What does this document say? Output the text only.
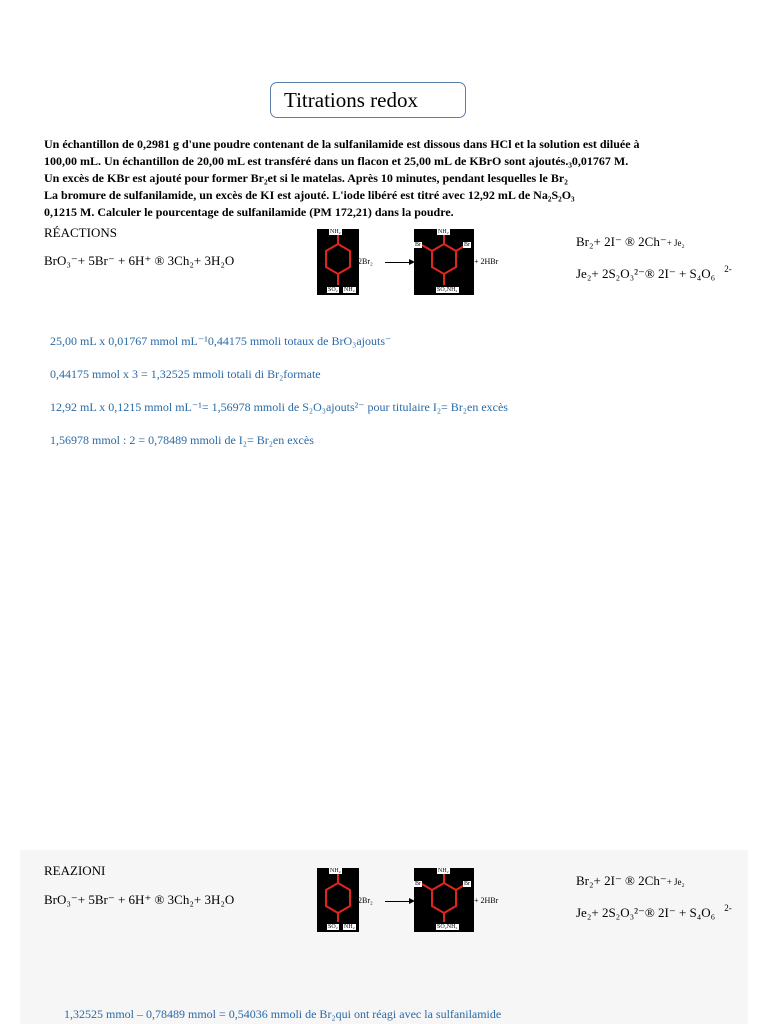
Titrations redox
Un échantillon de 0,2981 g d'une poudre contenant de la sulfanilamide est dissous dans HCl et la solution est diluée à
100,00 mL. Un échantillon de 20,00 mL est transféré dans un flacon et 25,00 mL de KBrO sont ajoutés.₃0,01767 M.
Un excès de KBr est ajouté pour former Br₂et si le matelas. Après 10 minutes, pendant lesquelles le Br₂
La bromure de sulfanilamide, un excès de KI est ajouté. L'iode libéré est titré avec 12,92 mL de Na₂S₂O₃
0,1215 M. Calculer le pourcentage de sulfanilamide (PM 172,21) dans la poudre.
RÉACTIONS
BrO₃⁻+ 5Br⁻ + 6H⁺ ® 3Ch₂+ 3H₂O
NH₂
SO₂ NH₂
2Br₂
NH₂
Br	Br
SO₂NH₂
+ 2HBr
Br₂+ 2I⁻ ® 2Ch⁻+ Je₂
Je₂+ 2S₂O₃²⁻® 2I⁻ + S₄O₆ $^{2-}$
25,00 mL x 0,01767 mmol mL⁻¹0,44175 mmoli totaux de BrO₃ajouts⁻
0,44175 mmol x 3 = 1,32525 mmoli totali di Br₂formate
12,92 mL x 0,1215 mmol mL⁻¹= 1,56978 mmoli de S₂O₃ajouts²⁻ pour titulaire I₂= Br₂en excès
1,56978 mmol : 2 = 0,78489 mmoli de I₂= Br₂en excès
REAZIONI
BrO₃⁻+ 5Br⁻ + 6H⁺ ® 3Ch₂+ 3H₂O
NH₂
SO₂ NH₂
2Br₂
NH₂
Br	Br
SO₂NH₂
+ 2HBr
Br₂+ 2I⁻ ® 2Ch⁻+ Je₂
Je₂+ 2S₂O₃²⁻® 2I⁻ + S₄O₆ $^{2-}$
1,32525 mmol – 0,78489 mmol = 0,54036 mmoli de Br₂qui ont réagi avec la sulfanilamide
